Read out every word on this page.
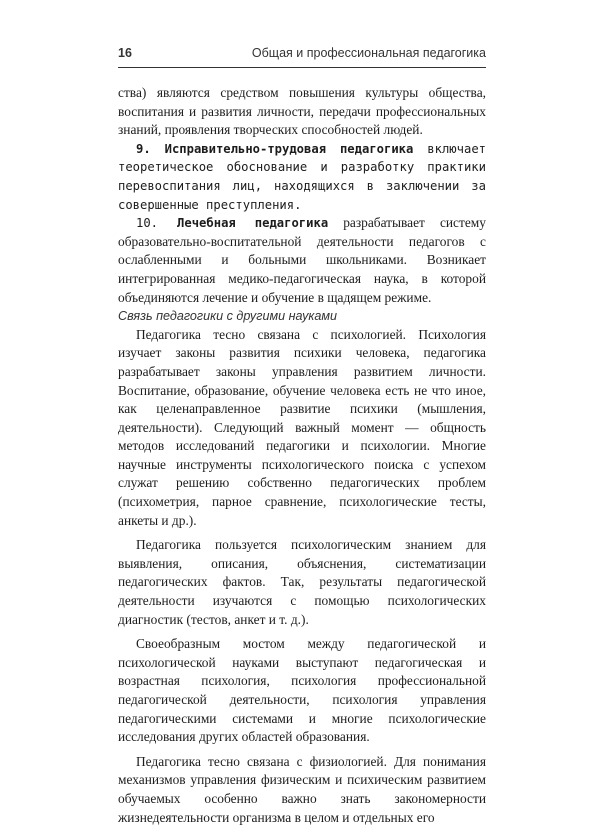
16	Общая и профессиональная педагогика

ства) являются средством повышения культуры общества, воспитания и развития личности, передачи профессиональных знаний, проявления творческих способностей людей.

9. Исправительно-трудовая педагогика включает теоретическое обоснование и разработку практики перевоспитания лиц, находящихся в заключении за совершенные преступления.

10. Лечебная педагогика разрабатывает систему образовательно-воспитательной деятельности педагогов с ослабленными и больными школьниками. Возникает интегрированная медико-педагогическая наука, в которой объединяются лечение и обучение в щадящем режиме.

Связь педагогики с другими науками

Педагогика тесно связана с психологией. Психология изучает законы развития психики человека, педагогика разрабатывает законы управления развитием личности. Воспитание, образование, обучение человека есть не что иное, как целенаправленное развитие психики (мышления, деятельности). Следующий важный момент — общность методов исследований педагогики и психологии. Многие научные инструменты психологического поиска с успехом служат решению собственно педагогических проблем (психометрия, парное сравнение, психологические тесты, анкеты и др.).

Педагогика пользуется психологическим знанием для выявления, описания, объяснения, систематизации педагогических фактов. Так, результаты педагогической деятельности изучаются с помощью психологических диагностик (тестов, анкет и т. д.).

Своеобразным мостом между педагогической и психологической науками выступают педагогическая и возрастная психология, психология профессиональной педагогической деятельности, психология управления педагогическими системами и многие психологические исследования других областей образования.

Педагогика тесно связана с физиологией. Для понимания механизмов управления физическим и психическим развитием обучаемых особенно важно знать закономерности жизнедеятельности организма в целом и отдельных его
